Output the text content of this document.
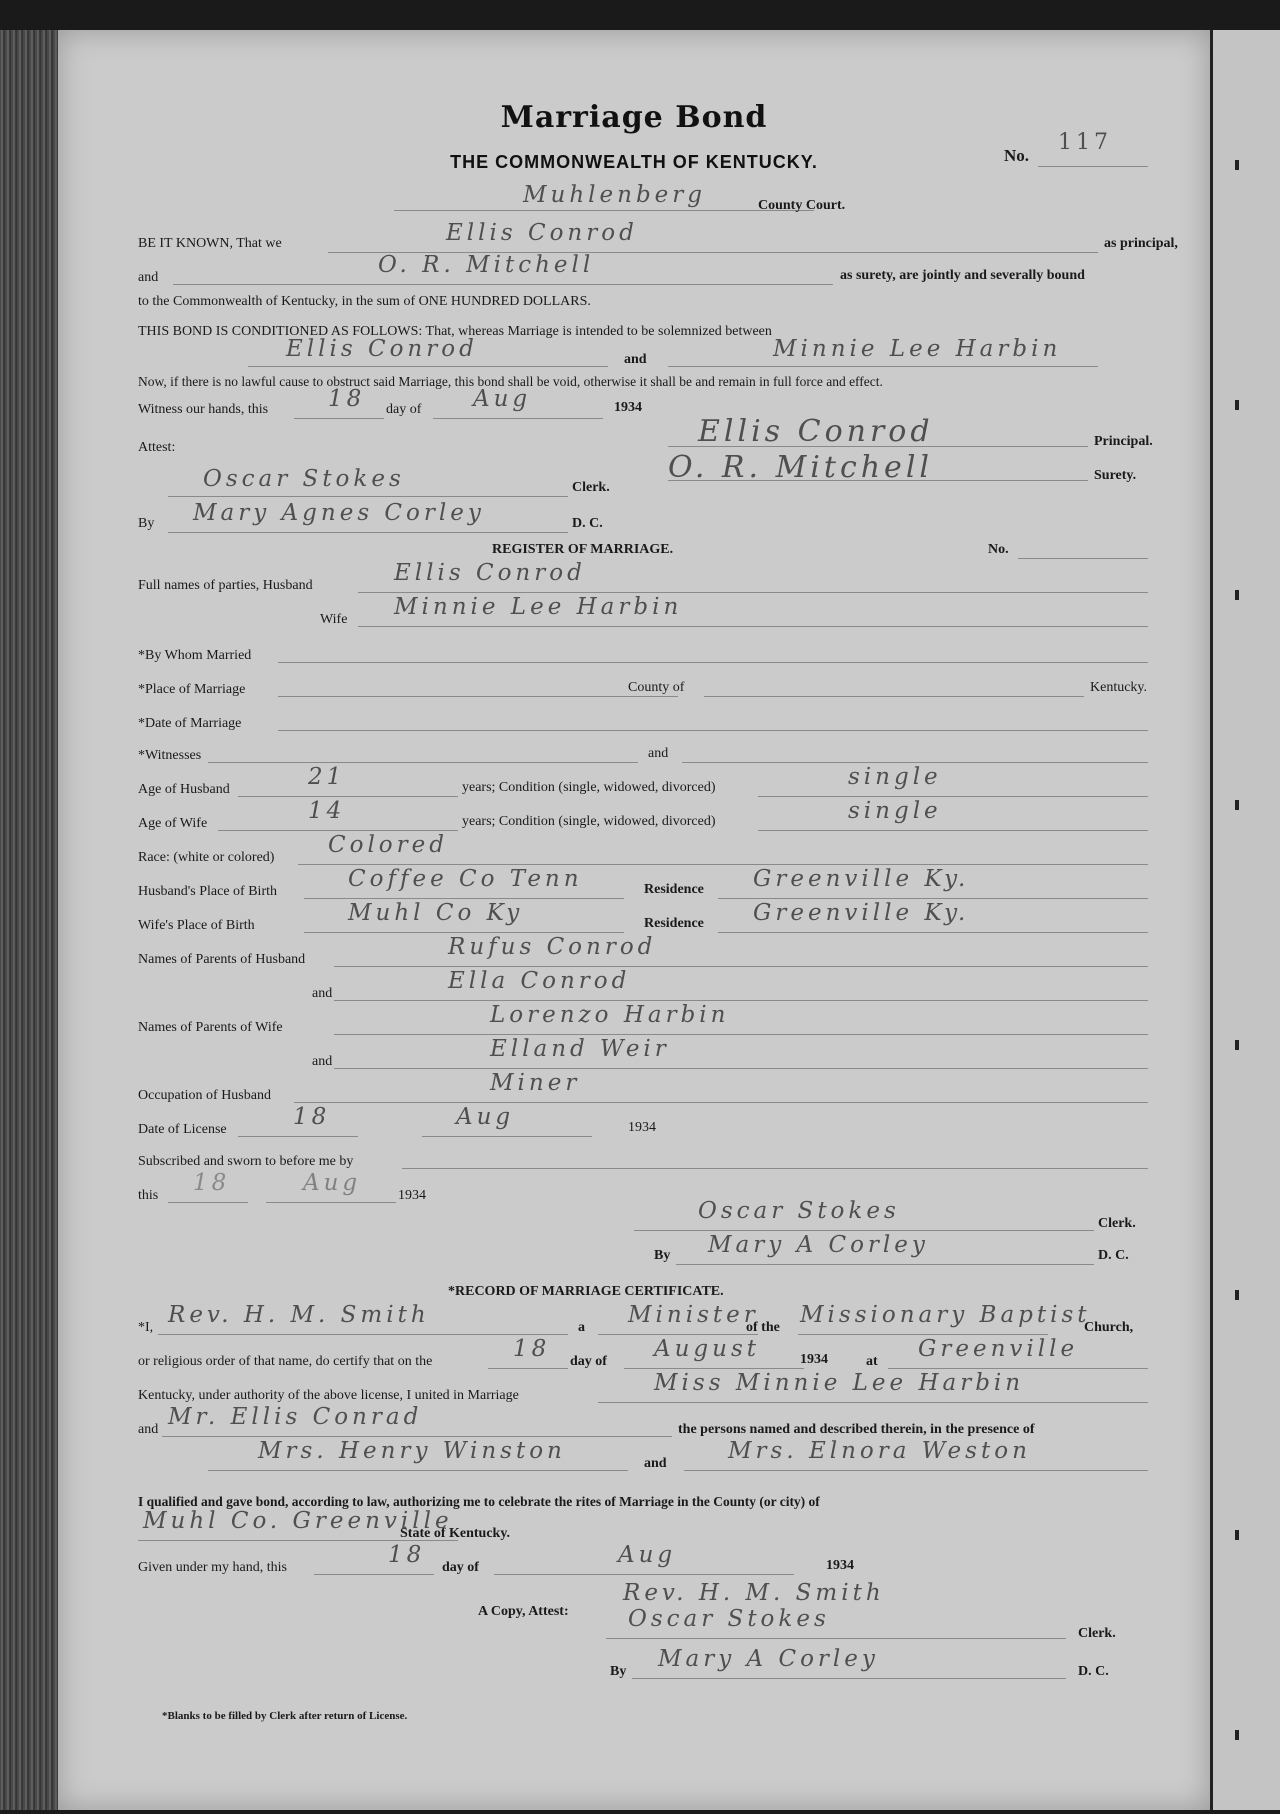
Marriage Bond
THE COMMONWEALTH OF KENTUCKY.	No.
117
Muhlenberg	County Court.
BE IT KNOWN, That we	Ellis Conrod	as principal,
and	O. R. Mitchell	as surety, are jointly and severally bound
to the Commonwealth of Kentucky, in the sum of ONE HUNDRED DOLLARS.
THIS BOND IS CONDITIONED AS FOLLOWS: That, whereas Marriage is intended to be solemnized between
Ellis Conrod	and	Minnie Lee Harbin
Now, if there is no lawful cause to obstruct said Marriage, this bond shall be void, otherwise it shall be and remain in full force and effect.
Witness our hands, this	18 day of Aug	1934
Ellis Conrod	Principal.
Attest:
O. R. Mitchell	Surety.
Oscar Stokes	Clerk.
By Mary Agnes Corley	D. C.
REGISTER OF MARRIAGE.	No.
Full names of parties, Husband	Ellis Conrod
Wife Minnie Lee Harbin
*By Whom Married
*Place of Marriage	County of	Kentucky.
*Date of Marriage
*Witnesses	and
Age of Husband	21	years; Condition (single, widowed, divorced)	single
Age of Wife	14	years; Condition (single, widowed, divorced)	single
Race: (white or colored) Colored
Husband's Place of Birth	Coffee Co Tenn	Residence Greenville Ky.
Wife's Place of Birth	Muhl Co Ky	Residence Greenville Ky.
Names of Parents of Husband	Rufus Conrod
and	Ella Conrod
Names of Parents of Wife	Lorenzo Harbin
and	Elland Weir
Occupation of Husband	Miner
Date of License	18	Aug	1934
Subscribed and sworn to before me by
this 18	Aug	1934
Oscar Stokes	Clerk.
By Mary A Corley	D. C.
*RECORD OF MARRIAGE CERTIFICATE.
*I, Rev. H. M. Smith	a Minister
of the Missionary Baptist
Church,
or religious order of that name, do certify that on the	18 day of August	1934	at Greenville
Kentucky, under authority of the above license, I united in Marriage	Miss Minnie Lee Harbin
and Mr. Ellis Conrad	the persons named and described therein, in the presence of
Mrs. Henry Winston	and	Mrs. Elnora Weston
I qualified and gave bond, according to law, authorizing me to celebrate the rites of Marriage in the County (or city) of
Muhl Co. Greenville
State of Kentucky.
Given under my hand, this	18 day of	Aug	1934
Rev. H. M. Smith
A Copy, Attest:	Oscar Stokes
Clerk.
By Mary A Corley	D. C.
*Blanks to be filled by Clerk after return of License.
